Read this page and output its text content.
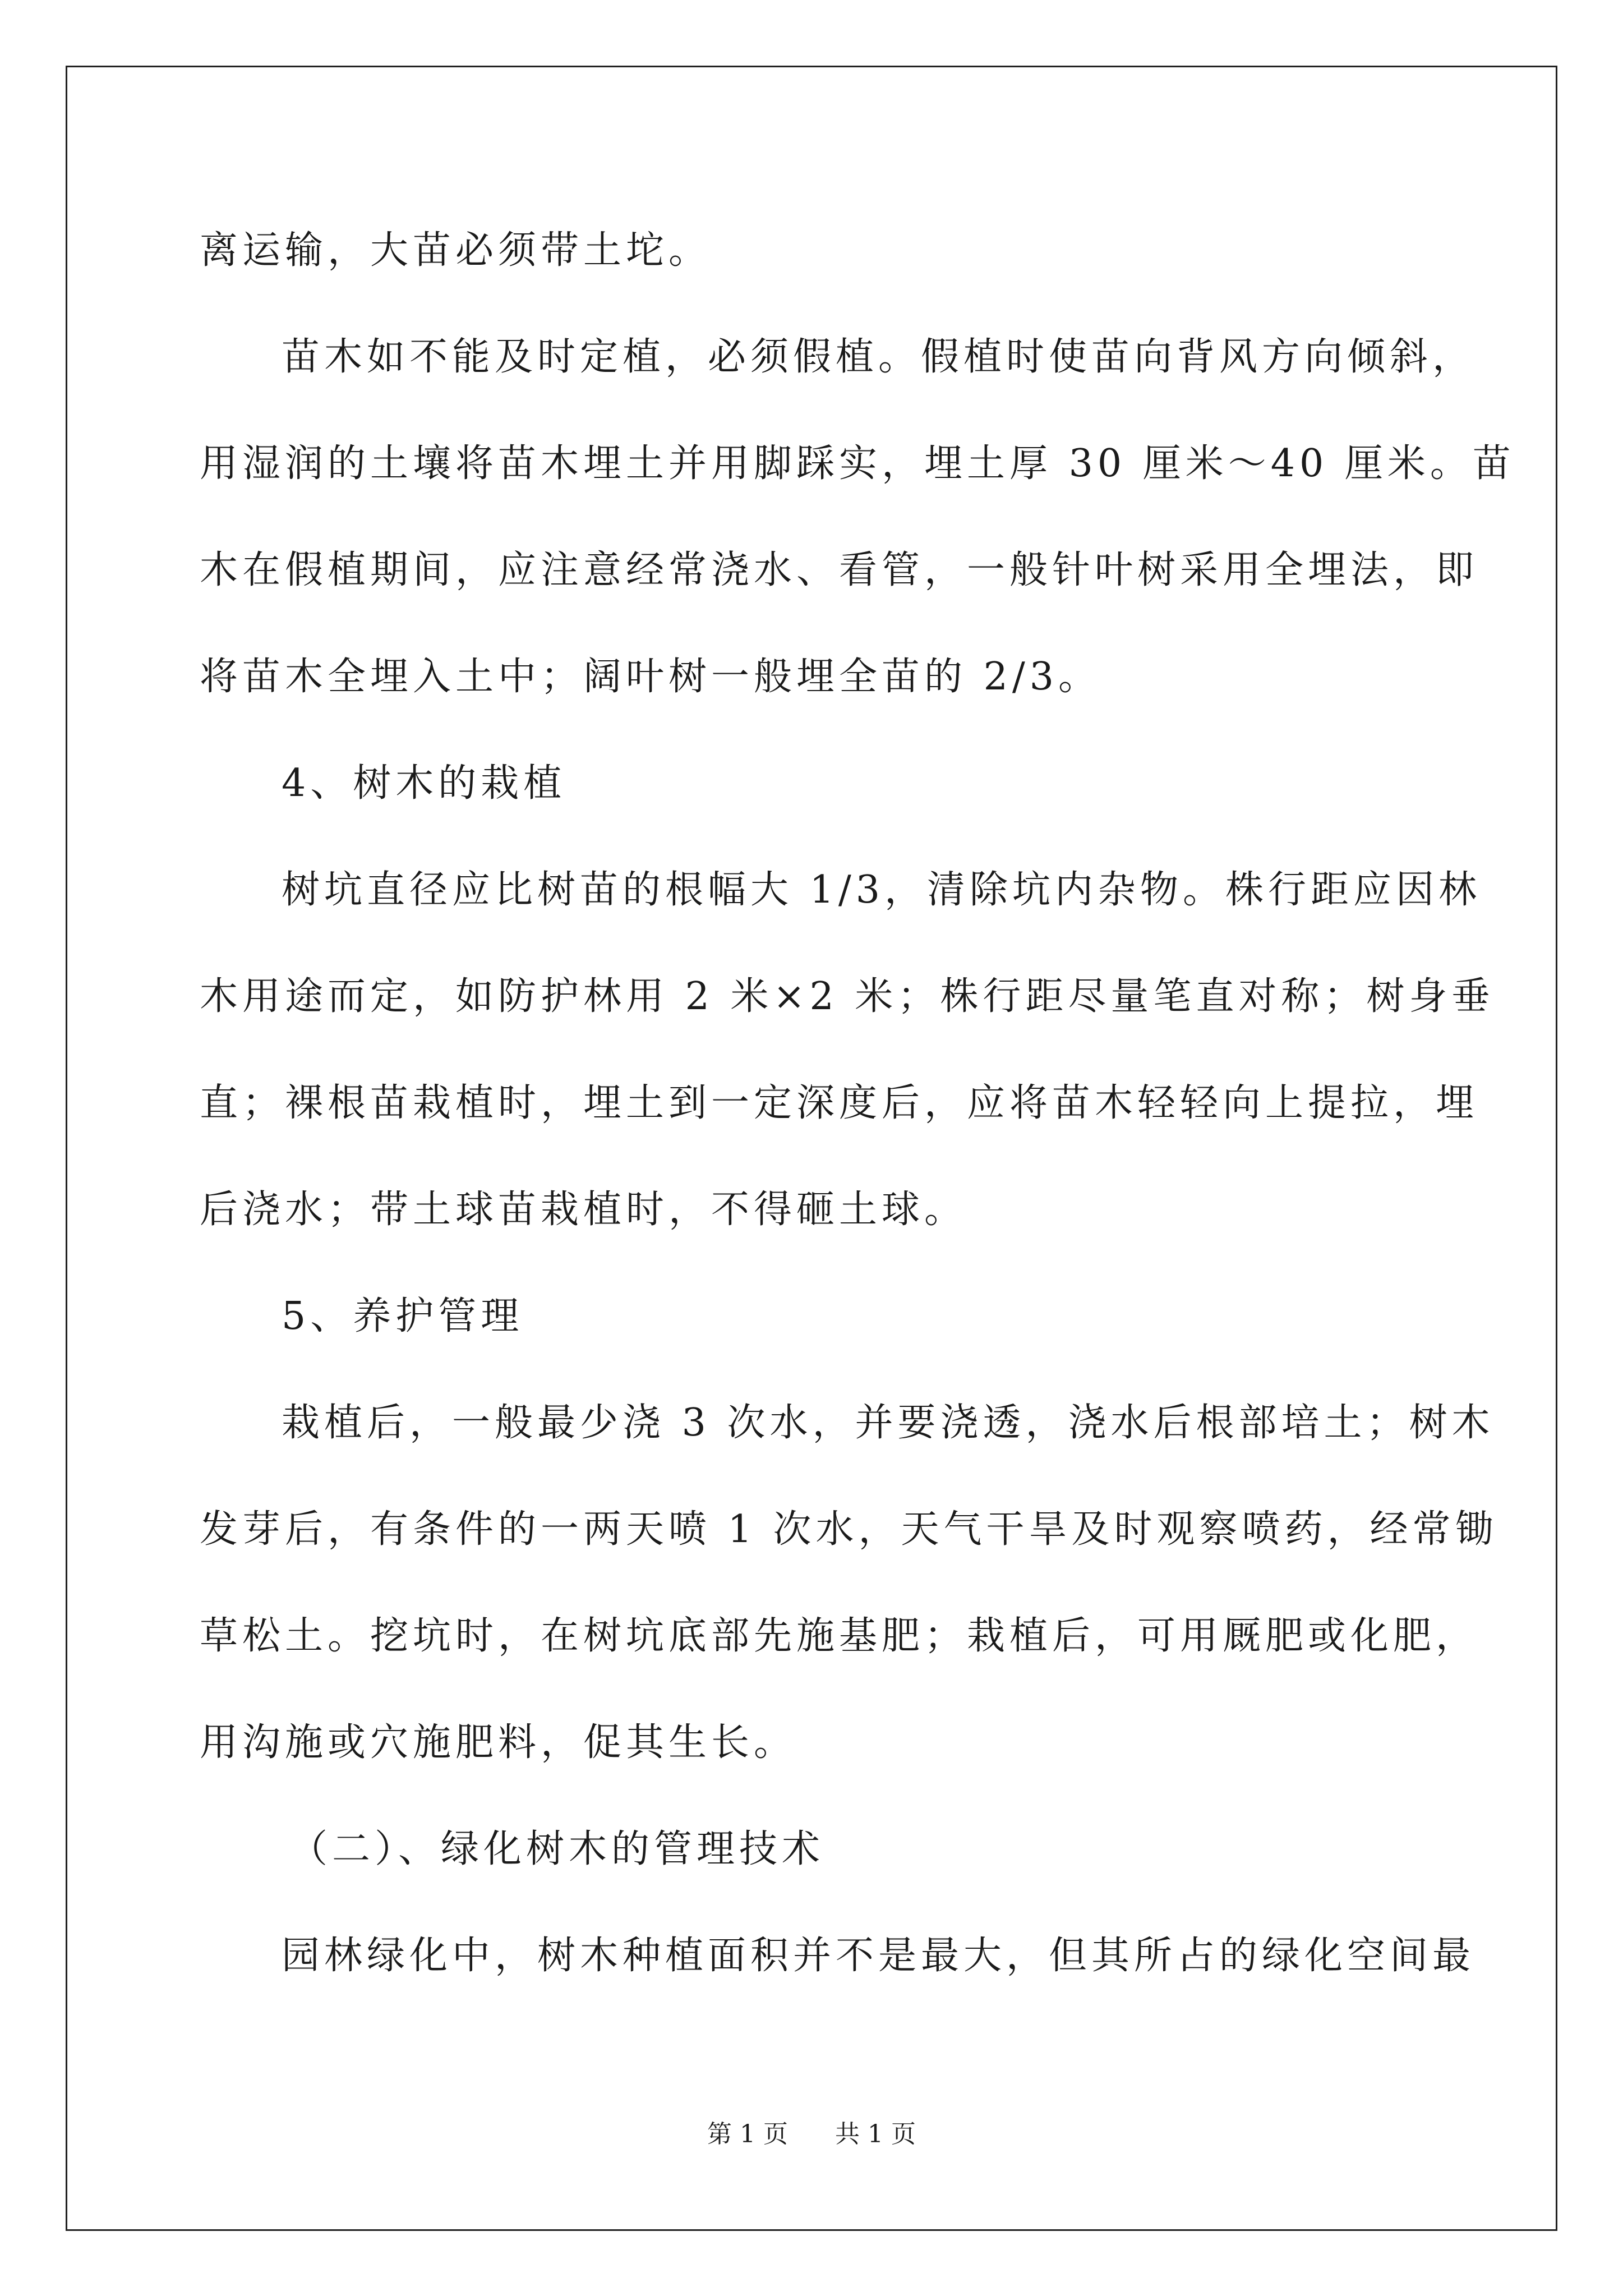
离运输，大苗必须带土坨。
苗木如不能及时定植，必须假植。假植时使苗向背风方向倾斜，
用湿润的土壤将苗木埋土并用脚踩实，埋土厚 30 厘米～40 厘米。苗
木在假植期间，应注意经常浇水、看管，一般针叶树采用全埋法，即
将苗木全埋入土中；阔叶树一般埋全苗的 2/3。
4、树木的栽植
树坑直径应比树苗的根幅大 1/3，清除坑内杂物。株行距应因林
木用途而定，如防护林用 2 米×2 米；株行距尽量笔直对称；树身垂
直；裸根苗栽植时，埋土到一定深度后，应将苗木轻轻向上提拉，埋
后浇水；带土球苗栽植时，不得砸土球。
5、养护管理
栽植后，一般最少浇 3 次水，并要浇透，浇水后根部培土；树木
发芽后，有条件的一两天喷 1 次水，天气干旱及时观察喷药，经常锄
草松土。挖坑时，在树坑底部先施基肥；栽植后，可用厩肥或化肥，
用沟施或穴施肥料，促其生长。
（二）、绿化树木的管理技术
园林绿化中，树木种植面积并不是最大，但其所占的绿化空间最
第 1 页 共 1 页
